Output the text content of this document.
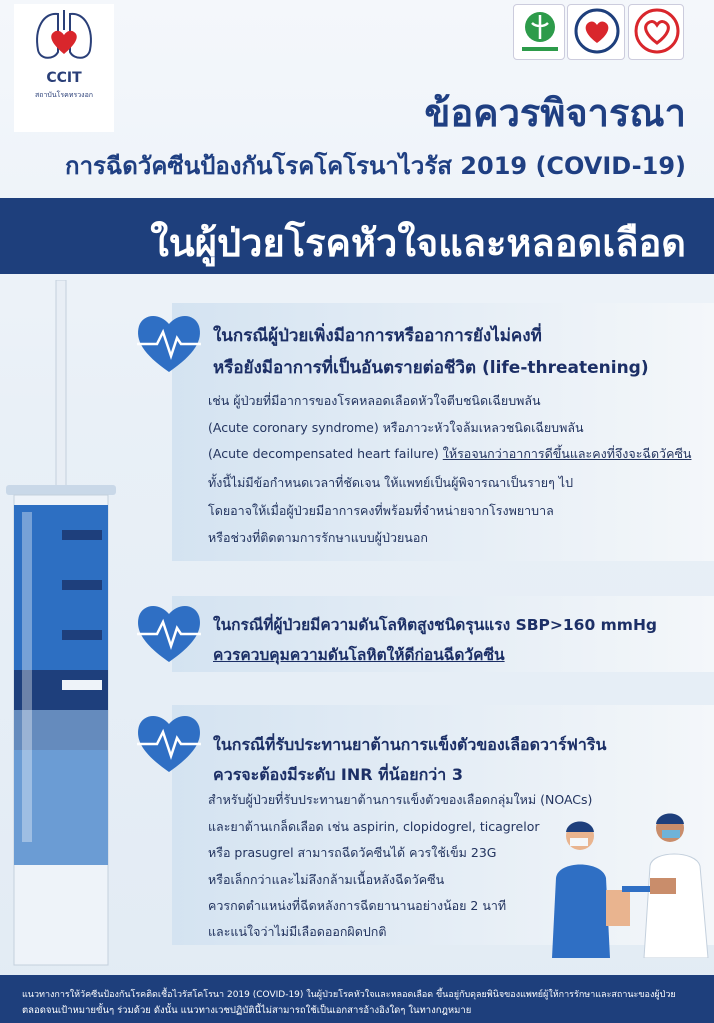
CCIT
สถาบันโรคทรวงอก	ข้อควรพิจารณา
การฉีดวัคซีนป้องกันโรคโคโรนาไวรัส 2019 (COVID-19)
ในผู้ป่วยโรคหัวใจและหลอดเลือด
ในกรณีผู้ป่วยเพิ่งมีอาการหรืออาการยังไม่คงที่
หรือยังมีอาการที่เป็นอันตรายต่อชีวิต (life-threatening)
เช่น ผู้ป่วยที่มีอาการของโรคหลอดเลือดหัวใจตีบชนิดเฉียบพลัน
(Acute coronary syndrome) หรือภาวะหัวใจล้มเหลวชนิดเฉียบพลัน
(Acute decompensated heart failure) ให้รอจนกว่าอาการดีขึ้นและคงที่จึงจะฉีดวัคซีน
ทั้งนี้ไม่มีข้อกำหนดเวลาที่ชัดเจน ให้แพทย์เป็นผู้พิจารณาเป็นรายๆ ไป
โดยอาจให้เมื่อผู้ป่วยมีอาการคงที่พร้อมที่จำหน่ายจากโรงพยาบาล
หรือช่วงที่ติดตามการรักษาแบบผู้ป่วยนอก
ในกรณีที่ผู้ป่วยมีความดันโลหิตสูงชนิดรุนแรง SBP>160 mmHg
ควรควบคุมความดันโลหิตให้ดีก่อนฉีดวัคซีน
ในกรณีที่รับประทานยาต้านการแข็งตัวของเลือดวาร์ฟาริน
ควรจะต้องมีระดับ INR ที่น้อยกว่า 3
สำหรับผู้ป่วยที่รับประทานยาต้านการแข็งตัวของเลือดกลุ่มใหม่ (NOACs)
และยาต้านเกล็ดเลือด เช่น aspirin, clopidogrel, ticagrelor
หรือ prasugrel สามารถฉีดวัคซีนได้ ควรใช้เข็ม 23G
หรือเล็กกว่าและไม่ลึงกล้ามเนื้อหลังฉีดวัคซีน
ควรกดตำแหน่งที่ฉีดหลังการฉีดยานานอย่างน้อย 2 นาที
และแน่ใจว่าไม่มีเลือดออกผิดปกติ
แนวทางการให้วัคซีนป้องกันโรคติดเชื้อไวรัสโคโรนา 2019 (COVID-19) ในผู้ป่วยโรคหัวใจและหลอดเลือด ขึ้นอยู่กับดุลยพินิจของแพทย์ผู้ให้การรักษาและสถานะของผู้ป่วย
ตลอดจนเป้าหมายขั้นๆ ร่วมด้วย ดังนั้น แนวทางเวชปฏิบัตินี้ไม่สามารถใช้เป็นเอกสารอ้างอิงใดๆ ในทางกฎหมาย
